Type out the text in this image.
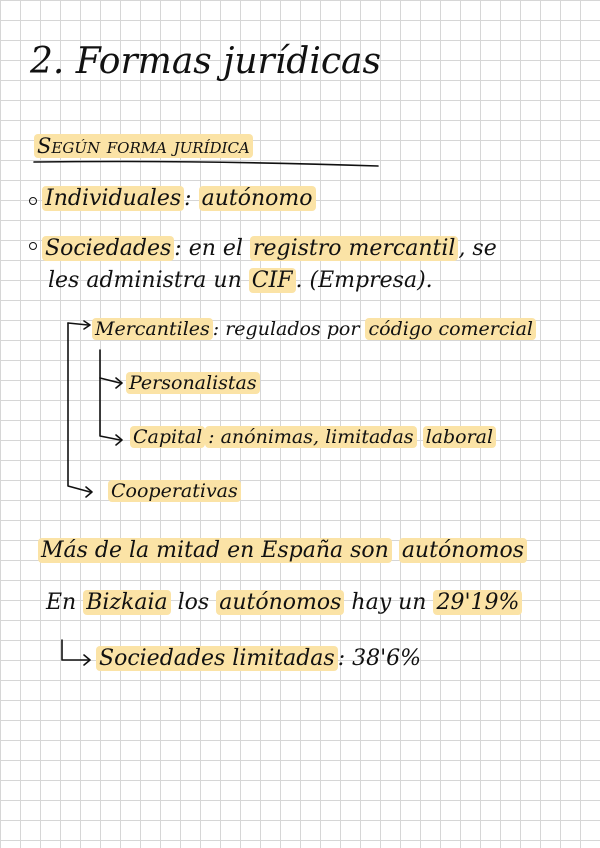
2. Formas jurídicas
Según forma jurídica
Individuales : autónomo
Sociedades : en el registro mercantil , se
les administra un CIF . (Empresa).
Mercantiles : regulados por código comercial
Personalistas
Capital : anónimas, limitadas laboral
Cooperativas
Más de la mitad en España son autónomos
En Bizkaia los autónomos hay un 29'19%
Sociedades limitadas : 38'6%
